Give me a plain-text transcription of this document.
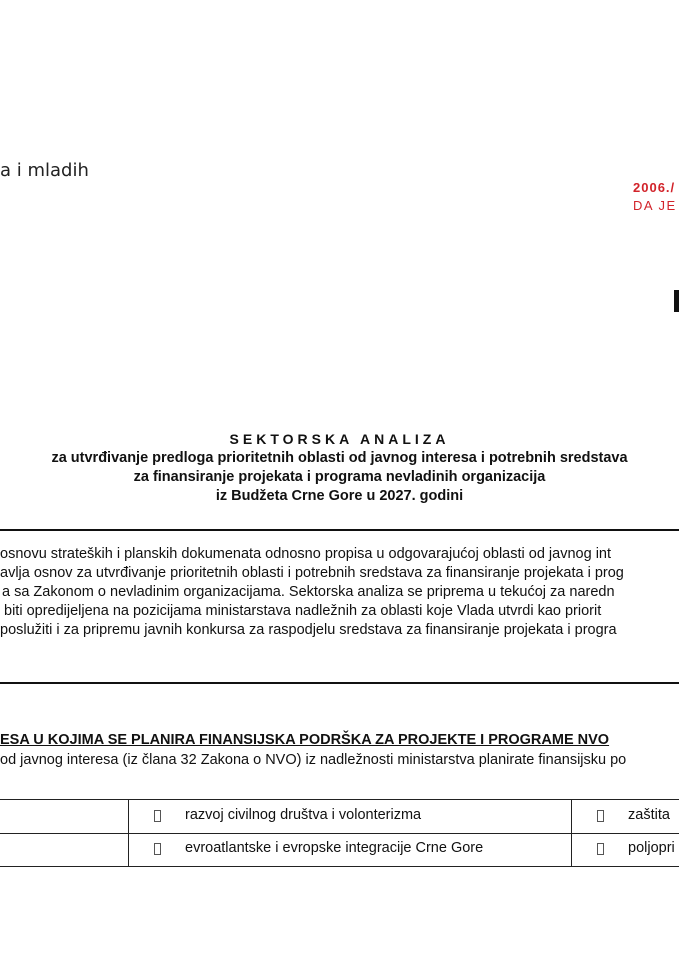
a i mladih
2006./
DA JE
SEKTORSKA ANALIZA
za utvrđivanje predloga prioritetnih oblasti od javnog interesa i potrebnih sredstava
za finansiranje projekata i programa nevladinih organizacija
iz Budžeta Crne Gore u 2027. godini
osnovu strateških i planskih dokumenata odnosno propisa u odgovarajućoj oblasti od javnog int
avlja osnov za utvrđivanje prioritetnih oblasti i potrebnih sredstava za finansiranje projekata i prog
a sa Zakonom o nevladinim organizacijama. Sektorska analiza se priprema u tekućoj za naredn
biti opredijeljena na pozicijama ministarstava nadležnih za oblasti koje Vlada utvrdi kao priorit
poslužiti i za pripremu javnih konkursa za raspodjelu sredstava za finansiranje projekata i progra
ESA U KOJIMA SE PLANIRA FINANSIJSKA PODRŠKA ZA PROJEKTE I PROGRAME NVO
od javnog interesa (iz člana 32 Zakona o NVO) iz nadležnosti ministarstva planirate finansijsku po
razvoj civilnog društva i volonterizma	zaštita
evroatlantske i evropske integracije Crne Gore	poljopri
